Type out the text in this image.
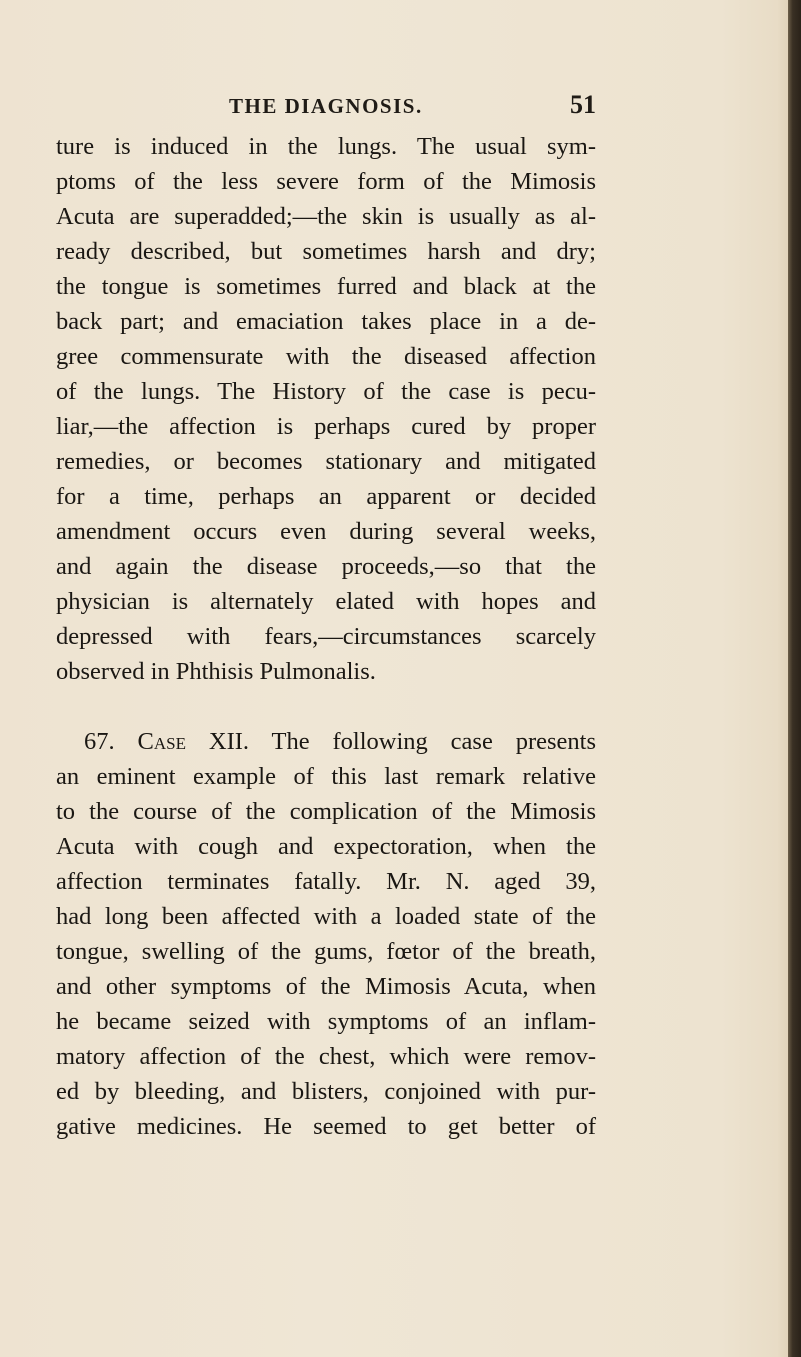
THE DIAGNOSIS.	51
ture is induced in the lungs. The usual sym-
ptoms of the less severe form of the Mimosis
Acuta are superadded;—the skin is usually as al-
ready described, but sometimes harsh and dry;
the tongue is sometimes furred and black at the
back part; and emaciation takes place in a de-
gree commensurate with the diseased affection
of the lungs. The History of the case is pecu-
liar,—the affection is perhaps cured by proper
remedies, or becomes stationary and mitigated
for a time, perhaps an apparent or decided
amendment occurs even during several weeks,
and again the disease proceeds,—so that the
physician is alternately elated with hopes and
depressed with fears,—circumstances scarcely
observed in Phthisis Pulmonalis.
67. Case XII. The following case presents
an eminent example of this last remark relative
to the course of the complication of the Mimosis
Acuta with cough and expectoration, when the
affection terminates fatally. Mr. N. aged 39,
had long been affected with a loaded state of the
tongue, swelling of the gums, fœtor of the breath,
and other symptoms of the Mimosis Acuta, when
he became seized with symptoms of an inflam-
matory affection of the chest, which were remov-
ed by bleeding, and blisters, conjoined with pur-
gative medicines. He seemed to get better of
